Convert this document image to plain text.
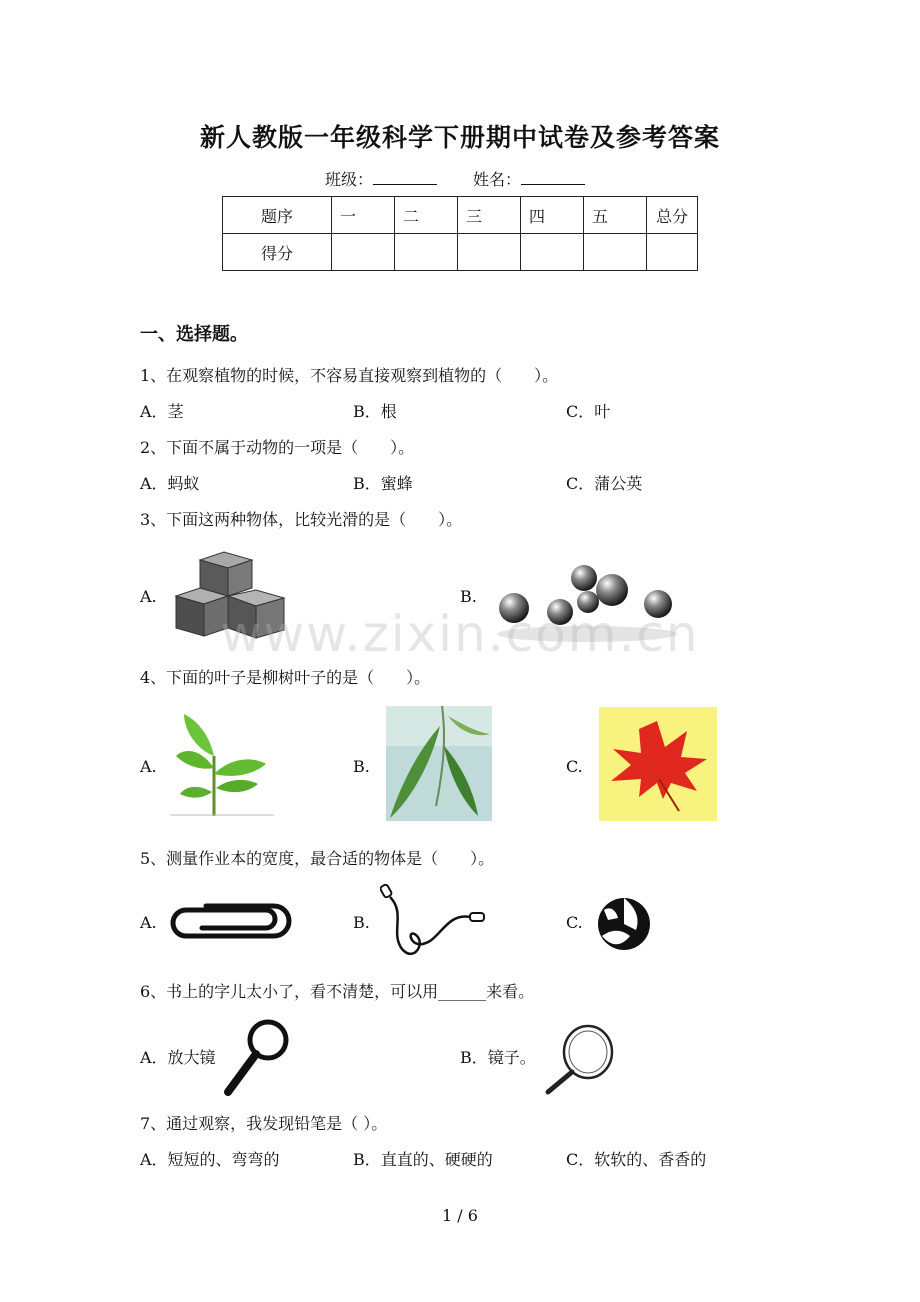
新人教版一年级科学下册期中试卷及参考答案
班级：	姓名：
题序	一	二	三	四	五	总分
得分						
一、选择题。
1、在观察植物的时候，不容易直接观察到植物的（　　）。
A．茎	B．根	C．叶
2、下面不属于动物的一项是（　　）。
A．蚂蚁	B．蜜蜂	C．蒲公英
3、下面这两种物体，比较光滑的是（　　）。
A.	B.
www.zixin.com.cn
4、下面的叶子是柳树叶子的是（　　）。
A.	B.	C.
5、测量作业本的宽度，最合适的物体是（　　）。
A.	B.	C.
6、书上的字儿太小了，看不清楚，可以用______来看。
A．放大镜	B．镜子。
7、通过观察，我发现铅笔是（ ）。
A．短短的、弯弯的	B．直直的、硬硬的	C．软软的、香香的
1 / 6
